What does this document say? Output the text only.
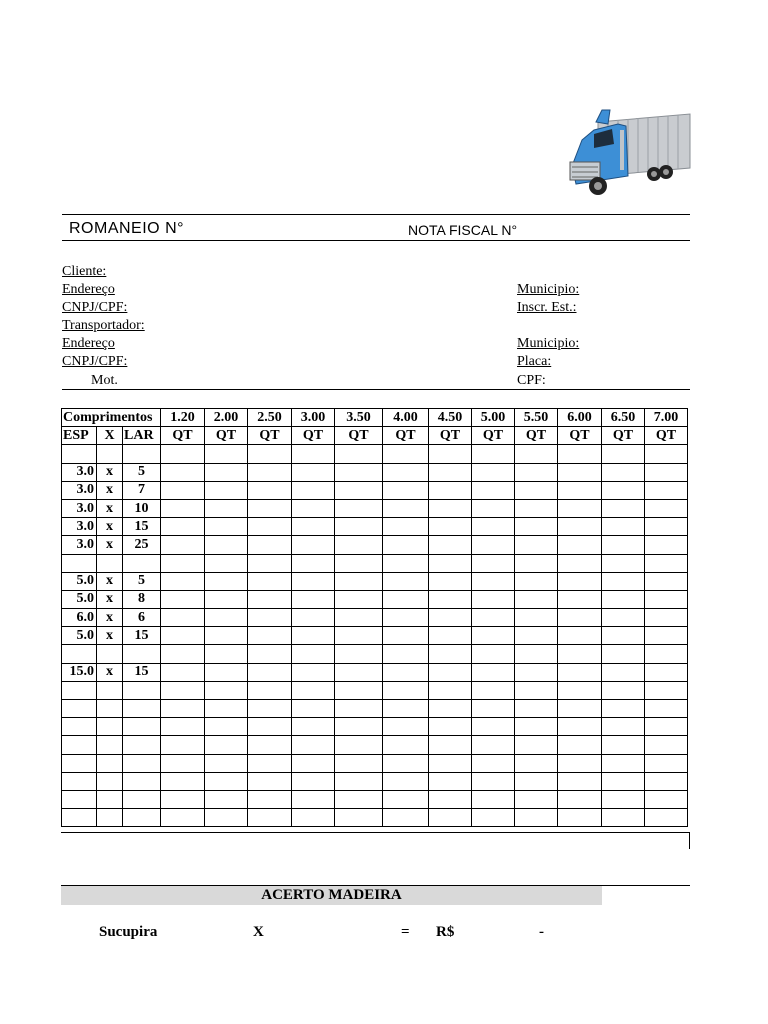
ROMANEIO N°	NOTA FISCAL N°
Cliente:
Endereço	Municipio:
CNPJ/CPF:	Inscr. Est.:
Transportador:
Endereço	Municipio:
CNPJ/CPF:	Placa:
Mot.	CPF:
Comprimentos			1.20	2.00	2.50	3.00	3.50	4.00	4.50	5.00	5.50	6.00	6.50	7.00
ESP	X	LAR	QT	QT	QT	QT	QT	QT	QT	QT	QT	QT	QT	QT

3.0	x	5												
3.0	x	7												
3.0	x	10												
3.0	x	15												
3.0	x	25												

5.0	x	5												
5.0	x	8												
6.0	x	6												
5.0	x	15												

15.0	x	15												

ACERTO MADEIRA
Sucupira	X	= R$	-
